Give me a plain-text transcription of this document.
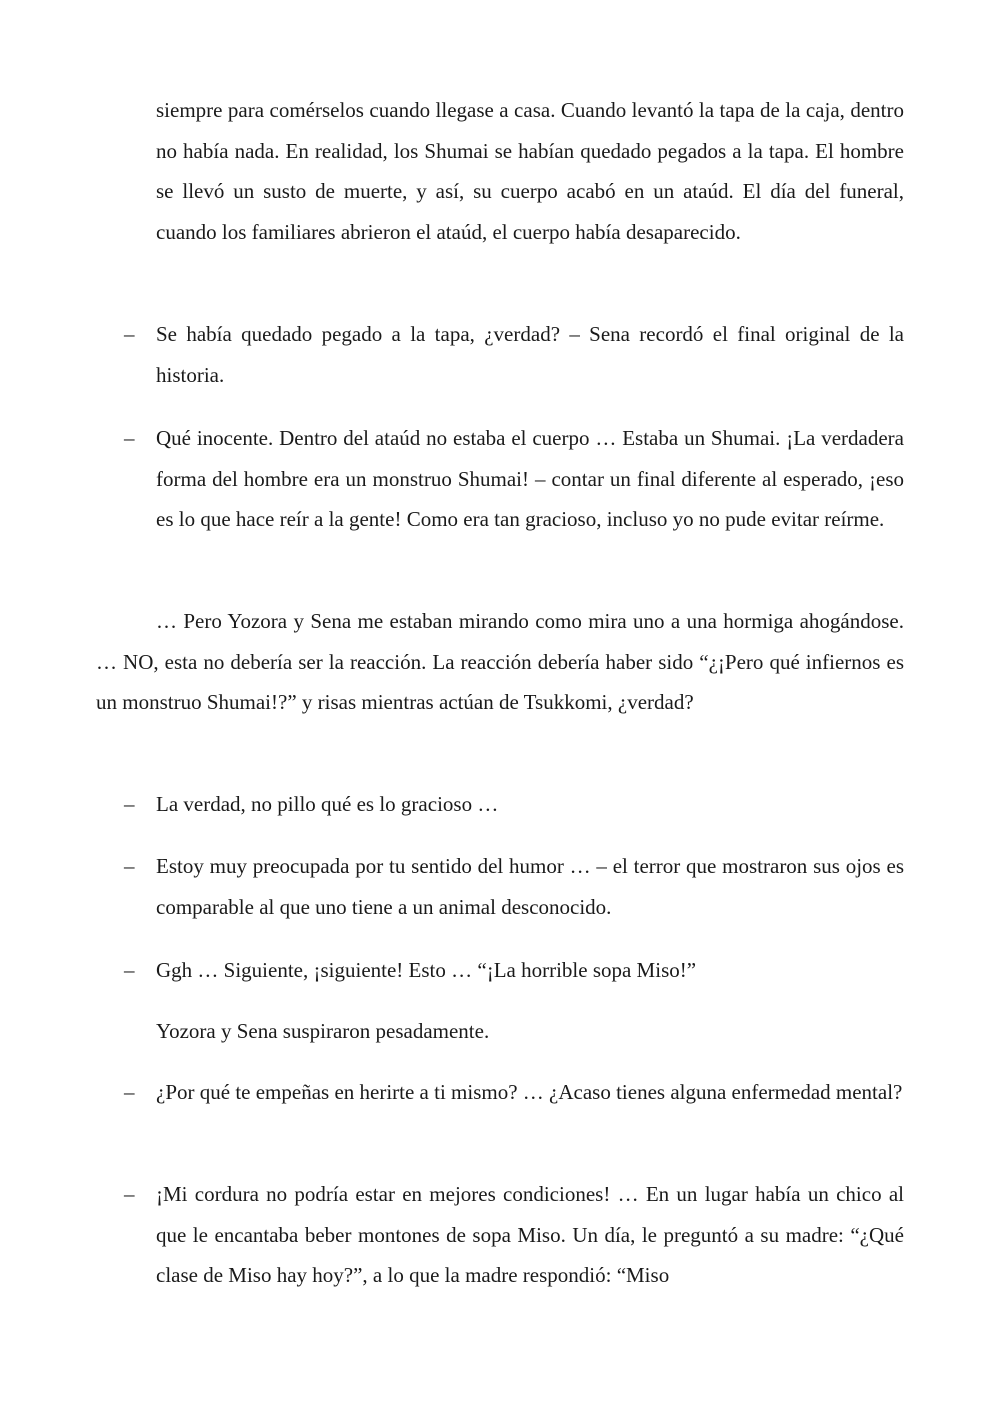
siempre para comérselos cuando llegase a casa. Cuando levantó la tapa de la caja, dentro no había nada. En realidad, los Shumai se habían quedado pegados a la tapa. El hombre se llevó un susto de muerte, y así, su cuerpo acabó en un ataúd. El día del funeral, cuando los familiares abrieron el ataúd, el cuerpo había desaparecido.
– Se había quedado pegado a la tapa, ¿verdad? – Sena recordó el final original de la historia.
– Qué inocente. Dentro del ataúd no estaba el cuerpo … Estaba un Shumai. ¡La verdadera forma del hombre era un monstruo Shumai! – contar un final diferente al esperado, ¡eso es lo que hace reír a la gente! Como era tan gracioso, incluso yo no pude evitar reírme.
… Pero Yozora y Sena me estaban mirando como mira uno a una hormiga ahogándose. … NO, esta no debería ser la reacción. La reacción debería haber sido “¿¡Pero qué infiernos es un monstruo Shumai!?” y risas mientras actúan de Tsukkomi, ¿verdad?
– La verdad, no pillo qué es lo gracioso …
– Estoy muy preocupada por tu sentido del humor … – el terror que mostraron sus ojos es comparable al que uno tiene a un animal desconocido.
– Ggh … Siguiente, ¡siguiente! Esto … “¡La horrible sopa Miso!”
Yozora y Sena suspiraron pesadamente.
– ¿Por qué te empeñas en herirte a ti mismo? … ¿Acaso tienes alguna enfermedad mental?
– ¡Mi cordura no podría estar en mejores condiciones! … En un lugar había un chico al que le encantaba beber montones de sopa Miso. Un día, le preguntó a su madre: “¿Qué clase de Miso hay hoy?”, a lo que la madre respondió: “Miso
